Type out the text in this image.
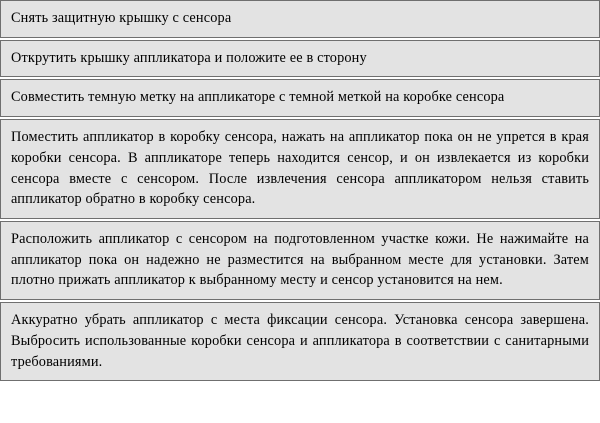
Снять защитную крышку с сенсора

Открутить крышку аппликатора и положите ее в сторону

Совместить темную метку на аппликаторе с темной меткой на коробке сенсора

Поместить аппликатор в коробку сенсора, нажать на аппликатор пока он не упрется в края коробки сенсора. В аппликаторе теперь находится сенсор, и он извлекается из коробки сенсора вместе с сенсором. После извлечения сенсора аппликатором нельзя ставить аппликатор обратно в коробку сенсора.

Расположить аппликатор с сенсором на подготовленном участке кожи. Не нажимайте на аппликатор пока он надежно не разместится на выбранном месте для установки. Затем плотно прижать аппликатор к выбранному месту и сенсор установится на нем.

Аккуратно убрать аппликатор с места фиксации сенсора. Установка сенсора завершена. Выбросить использованные коробки сенсора и аппликатора в соответствии с санитарными требованиями.
